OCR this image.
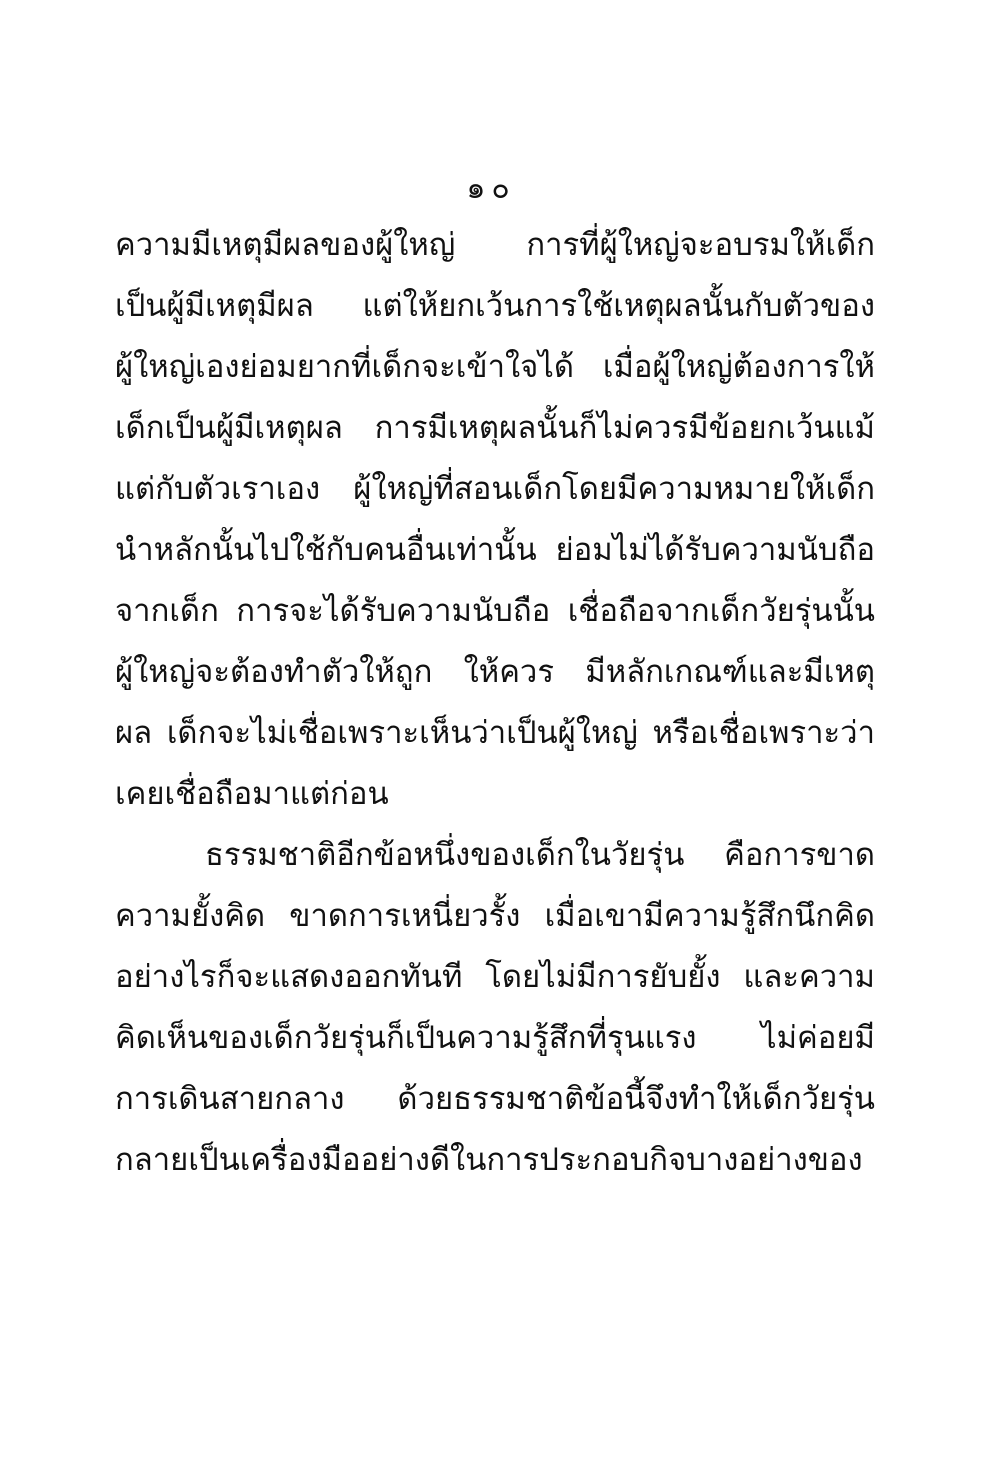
๑๐
ความมีเหตุมีผลของผู้ใหญ่ การที่ผู้ใหญ่จะอบรมให้เด็ก
เป็นผู้มีเหตุมีผล แต่ให้ยกเว้นการใช้เหตุผลนั้นกับตัวของ
ผู้ใหญ่เองย่อมยากที่เด็กจะเข้าใจได้ เมื่อผู้ใหญ่ต้องการให้
เด็กเป็นผู้มีเหตุผล การมีเหตุผลนั้นก็ไม่ควรมีข้อยกเว้นแม้
แต่กับตัวเราเอง ผู้ใหญ่ที่สอนเด็กโดยมีความหมายให้เด็ก
นำหลักนั้นไปใช้กับคนอื่นเท่านั้น ย่อมไม่ได้รับความนับถือ
จากเด็ก การจะได้รับความนับถือ เชื่อถือจากเด็กวัยรุ่นนั้น
ผู้ใหญ่จะต้องทำตัวให้ถูก ให้ควร มีหลักเกณฑ์และมีเหตุ
ผล เด็กจะไม่เชื่อเพราะเห็นว่าเป็นผู้ใหญ่ หรือเชื่อเพราะว่า
เคยเชื่อถือมาแต่ก่อน
ธรรมชาติอีกข้อหนึ่งของเด็กในวัยรุ่น คือการขาด
ความยั้งคิด ขาดการเหนี่ยวรั้ง เมื่อเขามีความรู้สึกนึกคิด
อย่างไรก็จะแสดงออกทันที โดยไม่มีการยับยั้ง และความ
คิดเห็นของเด็กวัยรุ่นก็เป็นความรู้สึกที่รุนแรง ไม่ค่อยมี
การเดินสายกลาง ด้วยธรรมชาติข้อนี้จึงทำให้เด็กวัยรุ่น
กลายเป็นเครื่องมืออย่างดีในการประกอบกิจบางอย่างของ
